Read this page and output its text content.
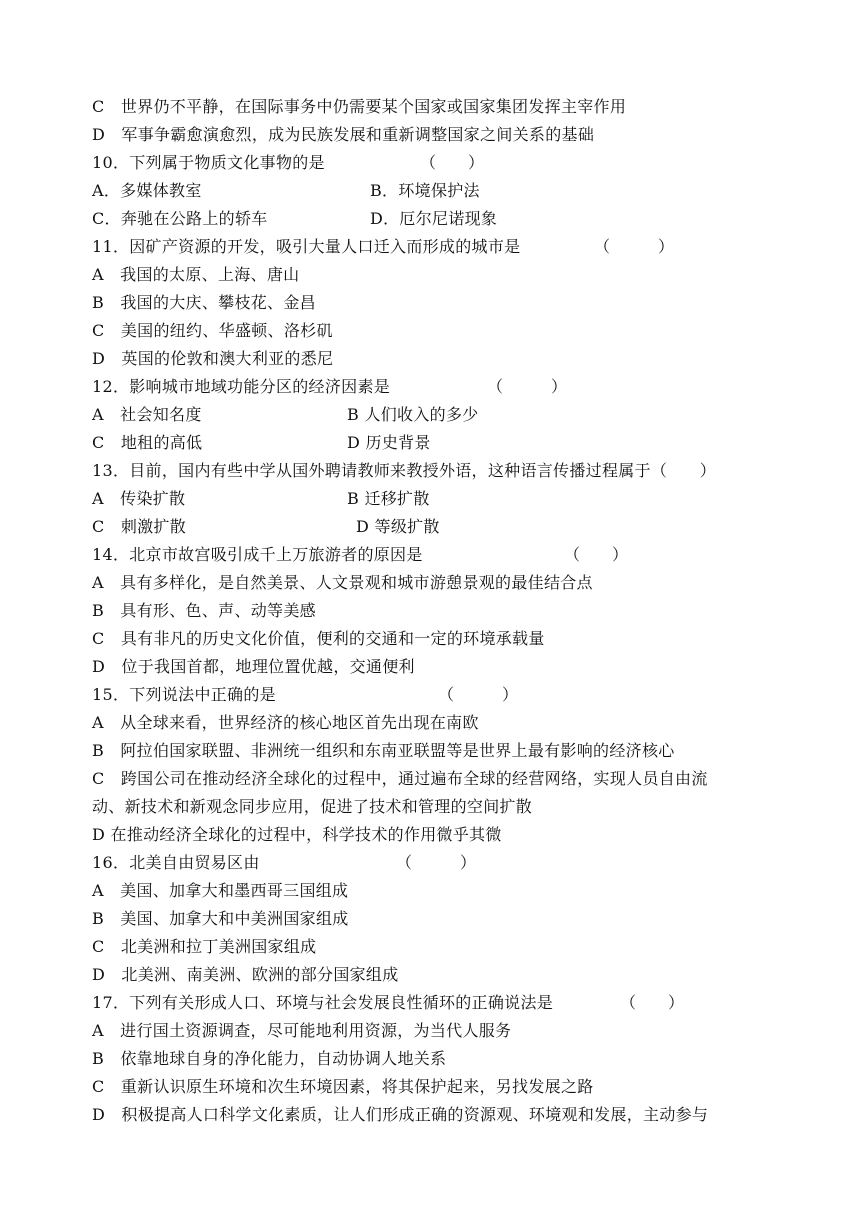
C　世界仍不平静，在国际事务中仍需要某个国家或国家集团发挥主宰作用
D　军事争霸愈演愈烈，成为民族发展和重新调整国家之间关系的基础
10．下列属于物质文化事物的是	（　　）
A．多媒体教室	B．环境保护法
C．奔驰在公路上的轿车	D．厄尔尼诺现象
11．因矿产资源的开发，吸引大量人口迁入而形成的城市是	（　　　）
A　我国的太原、上海、唐山
B　我国的大庆、攀枝花、金昌
C　美国的纽约、华盛顿、洛杉矶
D　英国的伦敦和澳大利亚的悉尼
12．影响城市地域功能分区的经济因素是	（　　　）
A　社会知名度	B 人们收入的多少
C　地租的高低	D 历史背景
13．目前，国内有些中学从国外聘请教师来教授外语，这种语言传播过程属于（　　）
A　传染扩散	B 迁移扩散
C　刺激扩散	D 等级扩散
14．北京市故宫吸引成千上万旅游者的原因是	（　　）
A　具有多样化，是自然美景、人文景观和城市游憩景观的最佳结合点
B　具有形、色、声、动等美感
C　具有非凡的历史文化价值，便利的交通和一定的环境承载量
D　位于我国首都，地理位置优越，交通便利
15．下列说法中正确的是	（　　　）
A　从全球来看，世界经济的核心地区首先出现在南欧
B　阿拉伯国家联盟、非洲统一组织和东南亚联盟等是世界上最有影响的经济核心
C　跨国公司在推动经济全球化的过程中，通过遍布全球的经营网络，实现人员自由流
动、新技术和新观念同步应用，促进了技术和管理的空间扩散
D 在推动经济全球化的过程中，科学技术的作用微乎其微
16．北美自由贸易区由	（　　　）
A　美国、加拿大和墨西哥三国组成
B　美国、加拿大和中美洲国家组成
C　北美洲和拉丁美洲国家组成
D　北美洲、南美洲、欧洲的部分国家组成
17．下列有关形成人口、环境与社会发展良性循环的正确说法是	（　　）
A　进行国土资源调查，尽可能地利用资源，为当代人服务
B　依靠地球自身的净化能力，自动协调人地关系
C　重新认识原生环境和次生环境因素，将其保护起来，另找发展之路
D　积极提高人口科学文化素质，让人们形成正确的资源观、环境观和发展，主动参与
